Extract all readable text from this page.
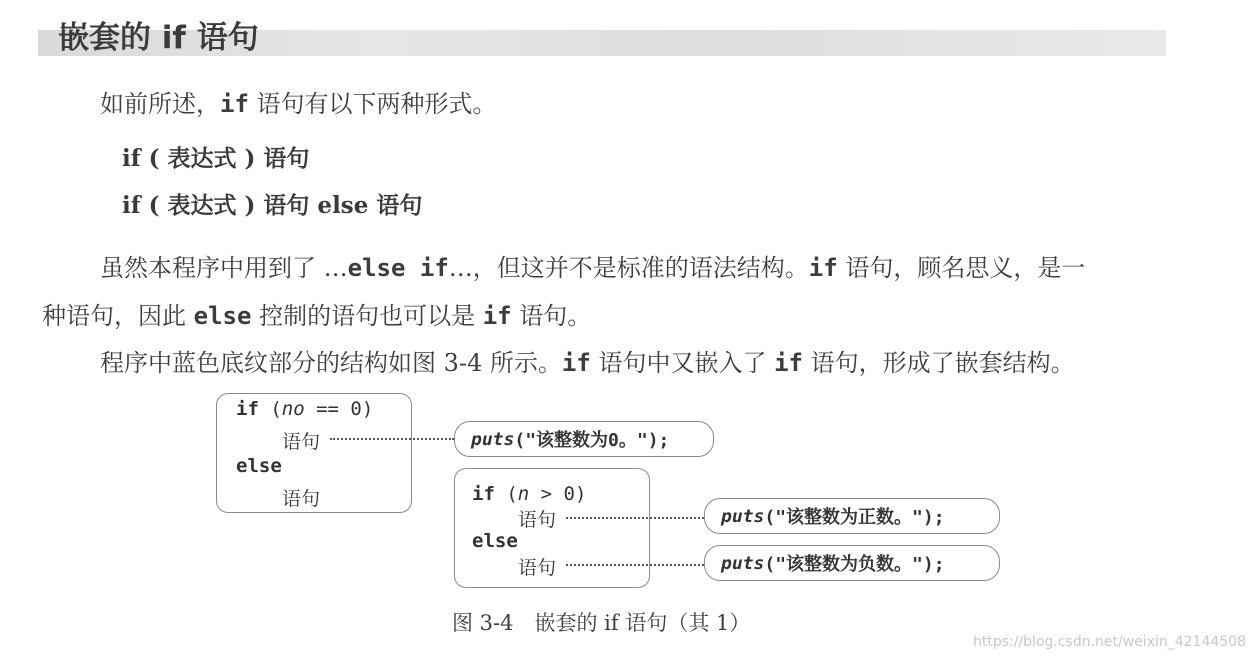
嵌套的 if 语句
如前所述，if 语句有以下两种形式。
if ( 表达式 ) 语句
if ( 表达式 ) 语句 else 语句
虽然本程序中用到了 …else if…，但这并不是标准的语法结构。if 语句，顾名思义，是一
种语句，因此 else 控制的语句也可以是 if 语句。
程序中蓝色底纹部分的结构如图 3-4 所示。if 语句中又嵌入了 if 语句，形成了嵌套结构。
if (no == 0)
语句
else
语句
puts ("该整数为0。");
if (n > 0)
语句
else
语句
puts ("该整数为正数。");
puts ("该整数为负数。");
图 3-4　嵌套的 if 语句（其 1）
https://blog.csdn.net/weixin_42144508
